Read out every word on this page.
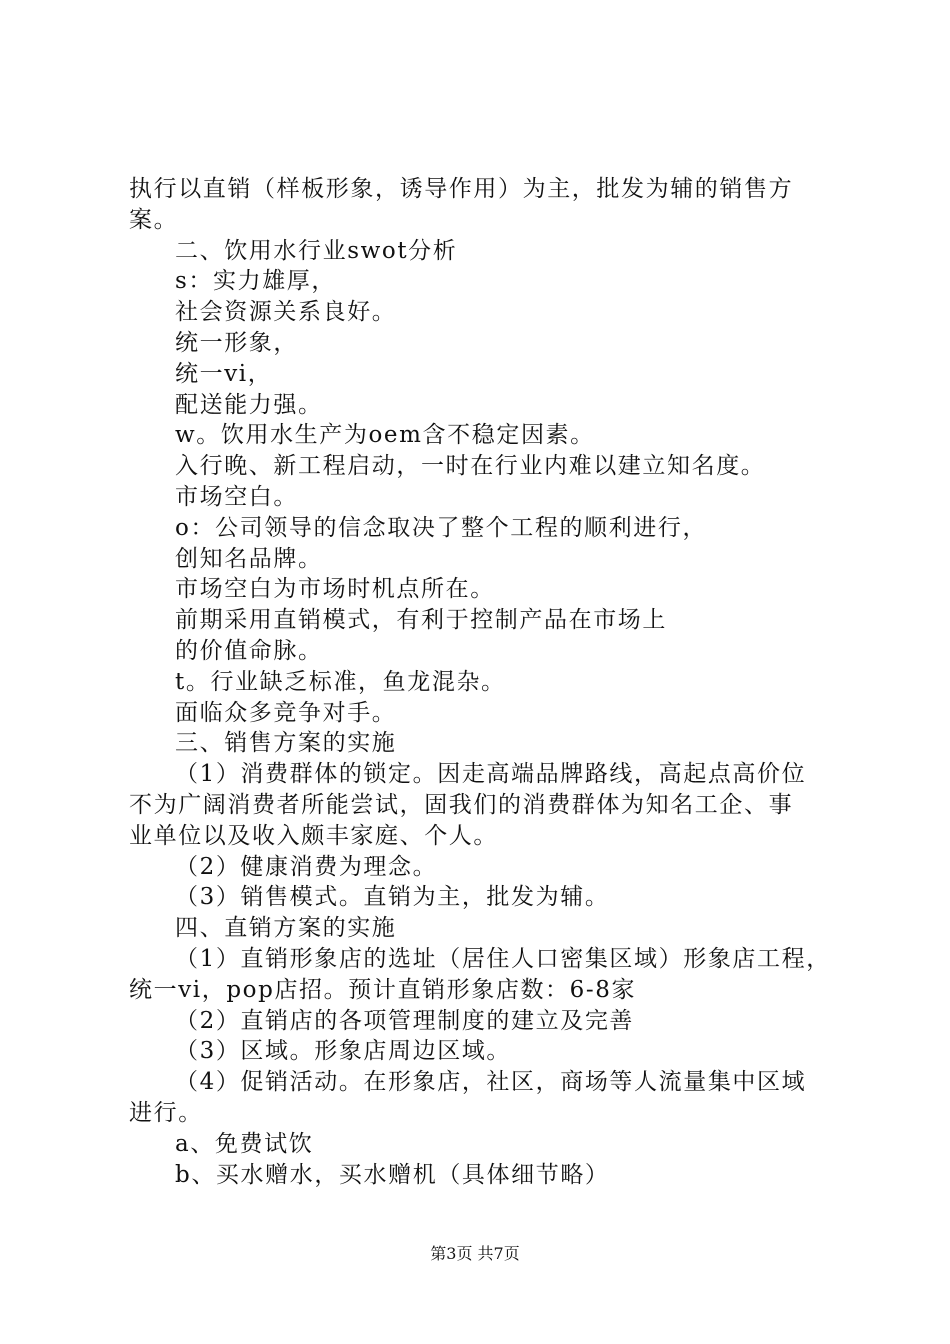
执行以直销（样板形象，诱导作用）为主，批发为辅的销售方
案。
二、饮用水行业swot分析
s：实力雄厚，
社会资源关系良好。
统一形象，
统一vi，
配送能力强。
w。饮用水生产为oem含不稳定因素。
入行晚、新工程启动，一时在行业内难以建立知名度。
市场空白。
o：公司领导的信念取决了整个工程的顺利进行，
创知名品牌。
市场空白为市场时机点所在。
前期采用直销模式，有利于控制产品在市场上
的价值命脉。
t。行业缺乏标准，鱼龙混杂。
面临众多竞争对手。
三、销售方案的实施
（1）消费群体的锁定。因走高端品牌路线，高起点高价位
不为广阔消费者所能尝试，固我们的消费群体为知名工企、事
业单位以及收入颇丰家庭、个人。
（2）健康消费为理念。
（3）销售模式。直销为主，批发为辅。
四、直销方案的实施
（1）直销形象店的选址（居住人口密集区域）形象店工程，
统一vi，pop店招。预计直销形象店数：6-8家
（2）直销店的各项管理制度的建立及完善
（3）区域。形象店周边区域。
（4）促销活动。在形象店，社区，商场等人流量集中区域
进行。
a、免费试饮
b、买水赠水，买水赠机（具体细节略）
第3页 共7页
